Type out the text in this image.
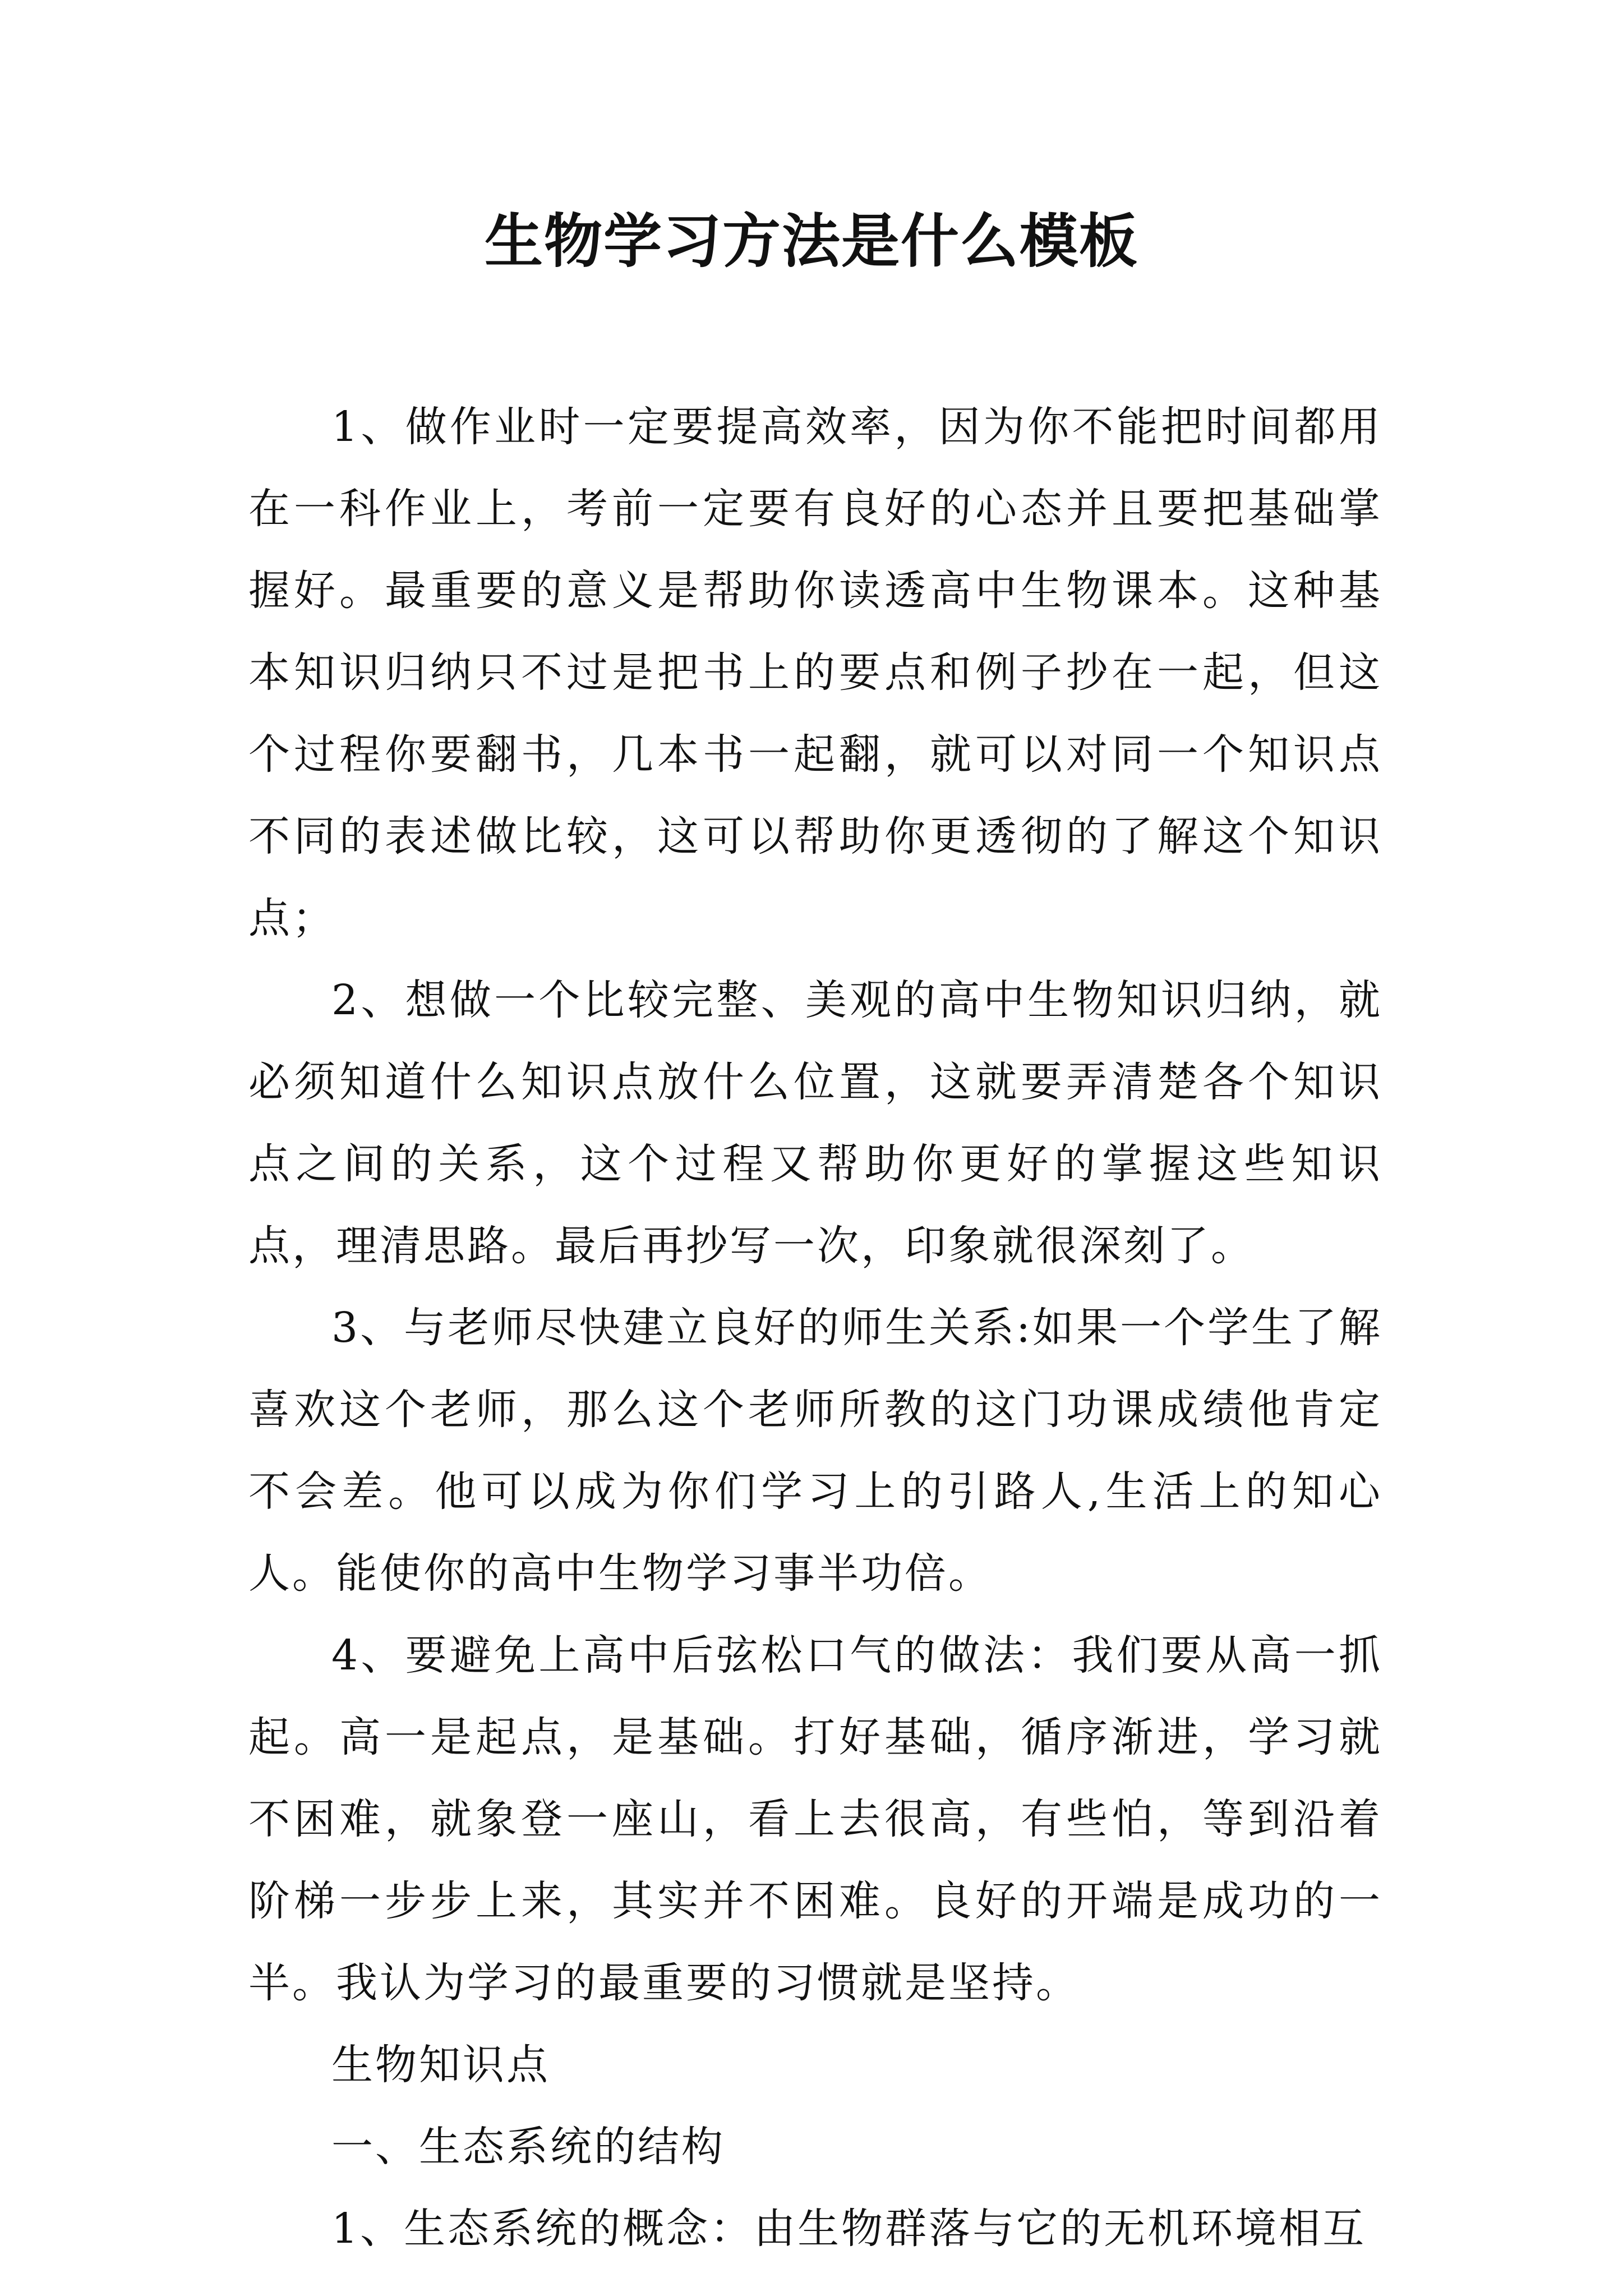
生物学习方法是什么模板

1、做作业时一定要提高效率，因为你不能把时间都用在一科作业上，考前一定要有良好的心态并且要把基础掌握好。最重要的意义是帮助你读透高中生物课本。这种基本知识归纳只不过是把书上的要点和例子抄在一起，但这个过程你要翻书，几本书一起翻，就可以对同一个知识点不同的表述做比较，这可以帮助你更透彻的了解这个知识点；

2、想做一个比较完整、美观的高中生物知识归纳，就必须知道什么知识点放什么位置，这就要弄清楚各个知识点之间的关系，这个过程又帮助你更好的掌握这些知识点，理清思路。最后再抄写一次，印象就很深刻了。

3、与老师尽快建立良好的师生关系:如果一个学生了解喜欢这个老师，那么这个老师所教的这门功课成绩他肯定不会差。他可以成为你们学习上的引路人,生活上的知心人。能使你的高中生物学习事半功倍。

4、要避免上高中后弦松口气的做法：我们要从高一抓起。高一是起点，是基础。打好基础，循序渐进，学习就不困难，就象登一座山，看上去很高，有些怕，等到沿着阶梯一步步上来，其实并不困难。良好的开端是成功的一半。我认为学习的最重要的习惯就是坚持。

生物知识点

一、生态系统的结构

1、生态系统的概念：由生物群落与它的无机环境相互
